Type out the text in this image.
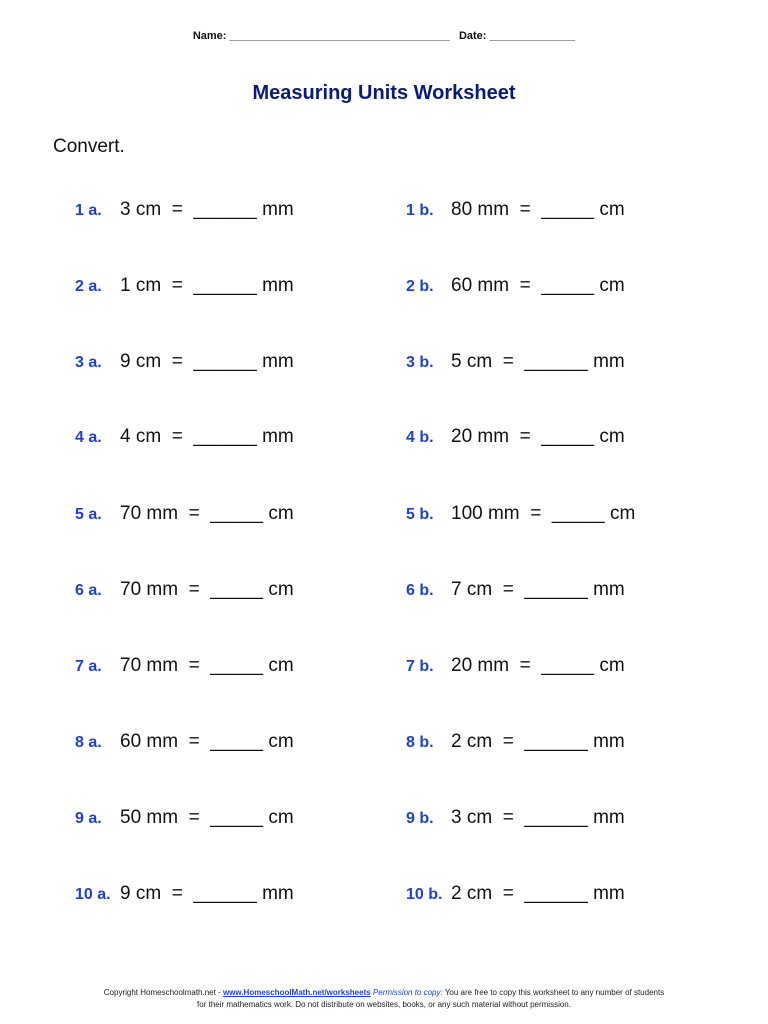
Name: ____________________________________ Date: ______________
Measuring Units Worksheet
Convert.
1 a. 3 cm  =  ______ mm
2 a. 1 cm  =  ______ mm
3 a. 9 cm  =  ______ mm
4 a. 4 cm  =  ______ mm
5 a. 70 mm  =  _____ cm
6 a. 70 mm  =  _____ cm
7 a. 70 mm  =  _____ cm
8 a. 60 mm  =  _____ cm
9 a. 50 mm  =  _____ cm
10 a. 9 cm  =  ______ mm
1 b. 80 mm  =  _____ cm
2 b. 60 mm  =  _____ cm
3 b. 5 cm  =  ______ mm
4 b. 20 mm  =  _____ cm
5 b. 100 mm  =  _____ cm
6 b. 7 cm  =  ______ mm
7 b. 20 mm  =  _____ cm
8 b. 2 cm  =  ______ mm
9 b. 3 cm  =  ______ mm
10 b. 2 cm  =  ______ mm
Copyright Homeschoolmath.net - www.HomeschoolMath.net/worksheets Permission to copy: You are free to copy this worksheet to any number of students for their mathematics work. Do not distribute on websites, books, or any such material without permission.
